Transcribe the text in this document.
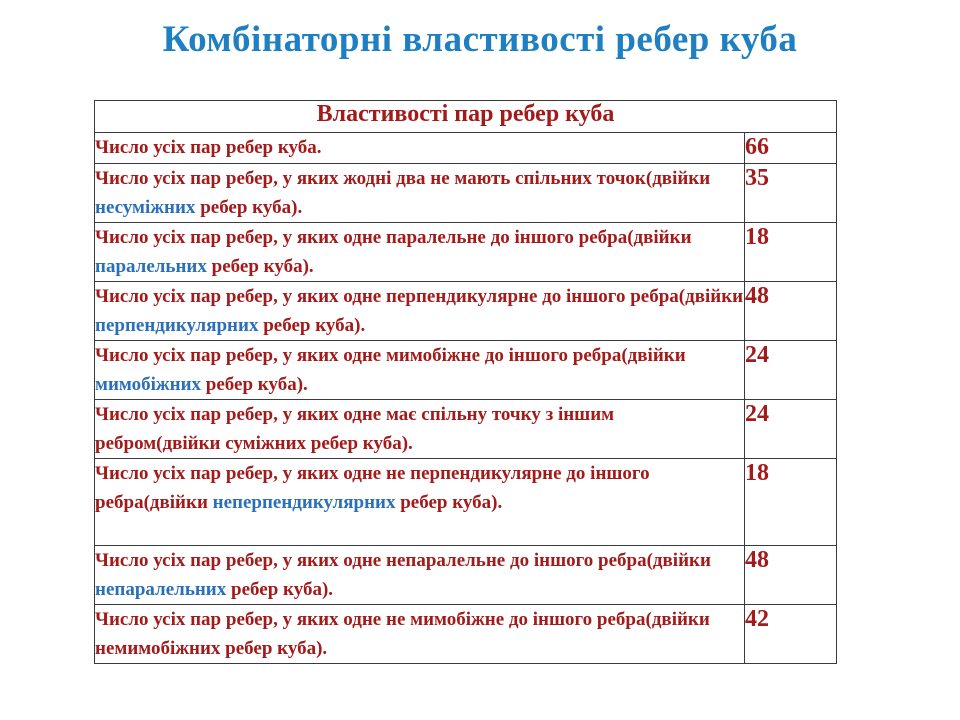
Комбінаторні властивості ребер куба
Властивості пар ребер куба	
Число усіх пар ребер куба.	66
Число усіх пар ребер, у яких жодні два не мають спільних точок(двійки несуміжних ребер куба).	35
Число усіх пар ребер, у яких одне паралельне до іншого ребра(двійки паралельних ребер куба).	18
Число усіх пар ребер, у яких одне перпендикулярне до іншого ребра(двійки перпендикулярних ребер куба).	48
Число усіх пар ребер, у яких одне мимобіжне до іншого ребра(двійки мимобіжних ребер куба).	24
Число усіх пар ребер, у яких одне має спільну точку з іншим ребром(двійки суміжних ребер куба).	24
Число усіх пар ребер, у яких одне не перпендикулярне до іншого ребра(двійки неперпендикулярних ребер куба).	18
Число усіх пар ребер, у яких одне непаралельне до іншого ребра(двійки непаралельних ребер куба).	48
Число усіх пар ребер, у яких одне не мимобіжне до іншого ребра(двійки немимобіжних ребер куба).	42
